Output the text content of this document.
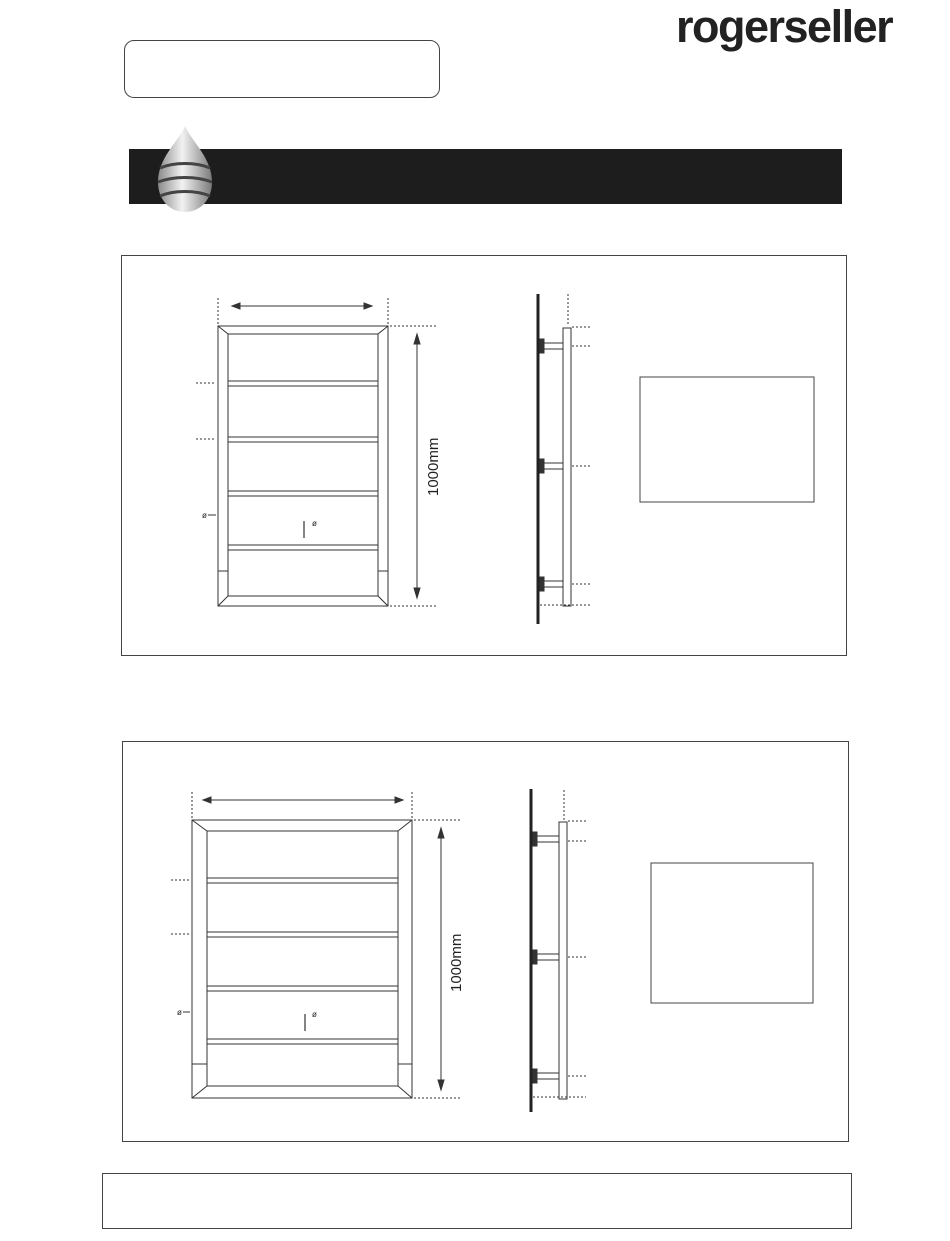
rogerseller
ø
ø
1000mm
ø	ø
1000mm
